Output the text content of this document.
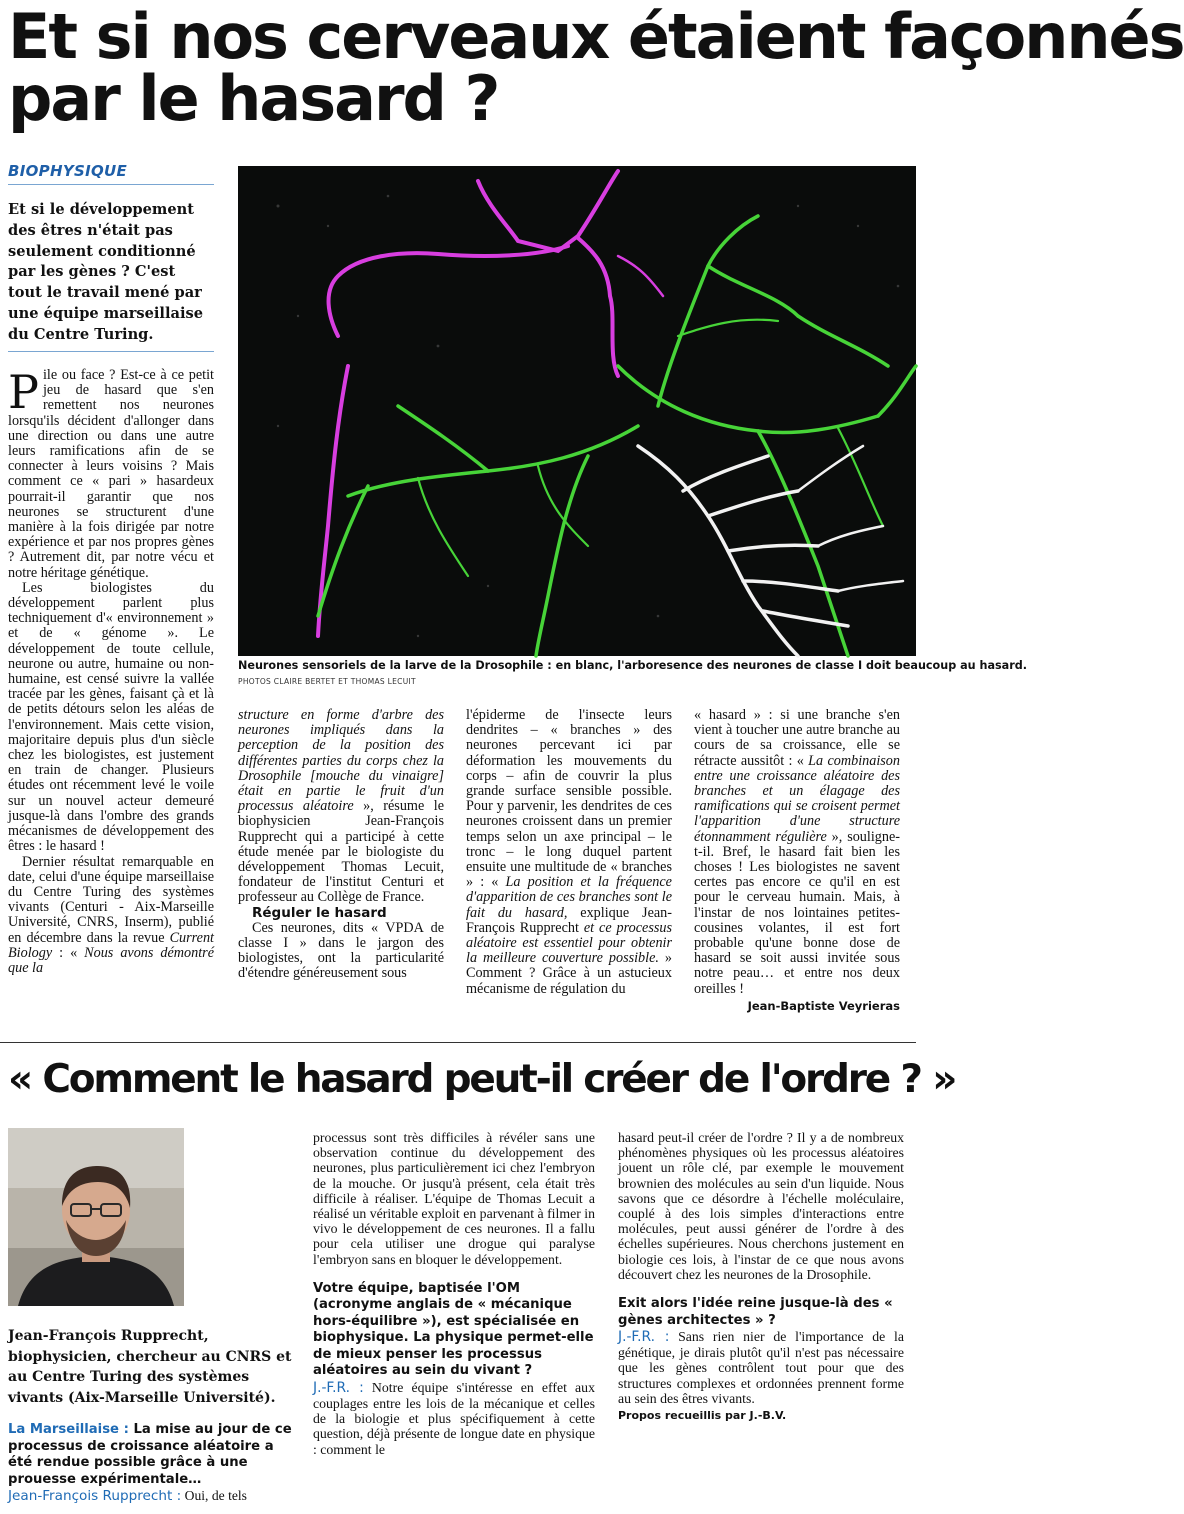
Et si nos cerveaux étaient façonnés
par le hasard ?
BIOPHYSIQUE
Et si le développement des êtres n'était pas seulement conditionné par les gènes ? C'est tout le travail mené par une équipe marseillaise du Centre Turing.

Pile ou face ? Est-ce à ce petit jeu de hasard que s'en remettent nos neurones lorsqu'ils décident d'allonger dans une direction ou dans une autre leurs ramifications afin de se connecter à leurs voisins ? Mais comment ce « pari » hasardeux pourrait-il garantir que nos neurones se structurent d'une manière à la fois dirigée par notre expérience et par nos propres gènes ? Autrement dit, par notre vécu et notre héritage génétique.

Les biologistes du développement parlent plus techniquement d'« environnement » et de « génome ». Le développement de toute cellule, neurone ou autre, humaine ou non-humaine, est censé suivre la vallée tracée par les gènes, faisant çà et là de petits détours selon les aléas de l'environnement. Mais cette vision, majoritaire depuis plus d'un siècle chez les biologistes, est justement en train de changer. Plusieurs études ont récemment levé le voile sur un nouvel acteur demeuré jusque-là dans l'ombre des grands mécanismes de développement des êtres : le hasard !

Dernier résultat remarquable en date, celui d'une équipe marseillaise du Centre Turing des systèmes vivants (Centuri - Aix-Marseille Université, CNRS, Inserm), publié en décembre dans la revue Current Biology : « Nous avons démontré que la

Neurones sensoriels de la larve de la Drosophile : en blanc, l'arboresence des neurones de classe I doit beaucoup au hasard.
PHOTOS CLAIRE BERTET ET THOMAS LECUIT

structure en forme d'arbre des neurones impliqués dans la perception de la position des différentes parties du corps chez la Drosophile [mouche du vinaigre] était en partie le fruit d'un processus aléatoire », résume le biophysicien Jean-François Rupprecht qui a participé à cette étude menée par le biologiste du développement Thomas Lecuit, fondateur de l'institut Centuri et professeur au Collège de France.

Réguler le hasard

Ces neurones, dits « VPDA de classe I » dans le jargon des biologistes, ont la particularité d'étendre généreusement sous

l'épiderme de l'insecte leurs dendrites – « branches » des neurones percevant ici par déformation les mouvements du corps – afin de couvrir la plus grande surface sensible possible. Pour y parvenir, les dendrites de ces neurones croissent dans un premier temps selon un axe principal – le tronc – le long duquel partent ensuite une multitude de « branches » : « La position et la fréquence d'apparition de ces branches sont le fait du hasard, explique Jean-François Rupprecht et ce processus aléatoire est essentiel pour obtenir la meilleure couverture possible. » Comment ? Grâce à un astucieux mécanisme de régulation du

« hasard » : si une branche s'en vient à toucher une autre branche au cours de sa croissance, elle se rétracte aussitôt : « La combinaison entre une croissance aléatoire des branches et un élagage des ramifications qui se croisent permet l'apparition d'une structure étonnamment régulière », souligne-t-il. Bref, le hasard fait bien les choses ! Les biologistes ne savent certes pas encore ce qu'il en est pour le cerveau humain. Mais, à l'instar de nos lointaines petites-cousines volantes, il est fort probable qu'une bonne dose de hasard se soit aussi invitée sous notre peau… et entre nos deux oreilles !

Jean-Baptiste Veyrieras
« Comment le hasard peut-il créer de l'ordre ? »
Jean-François Rupprecht, biophysicien, chercheur au CNRS et au Centre Turing des systèmes vivants (Aix-Marseille Université).

La Marseillaise : La mise au jour de ce processus de croissance aléatoire a été rendue possible grâce à une prouesse expérimentale…

Jean-François Rupprecht : Oui, de tels

processus sont très difficiles à révéler sans une observation continue du développement des neurones, plus particulièrement ici chez l'embryon de la mouche. Or jusqu'à présent, cela était très difficile à réaliser. L'équipe de Thomas Lecuit a réalisé un véritable exploit en parvenant à filmer in vivo le développement de ces neurones. Il a fallu pour cela utiliser une drogue qui paralyse l'embryon sans en bloquer le développement.

Votre équipe, baptisée l'OM (acronyme anglais de « mécanique hors-équilibre »), est spécialisée en biophysique. La physique permet-elle de mieux penser les processus aléatoires au sein du vivant ?

J.-F.R. : Notre équipe s'intéresse en effet aux couplages entre les lois de la mécanique et celles de la biologie et plus spécifiquement à cette question, déjà présente de longue date en physique : comment le

hasard peut-il créer de l'ordre ? Il y a de nombreux phénomènes physiques où les processus aléatoires jouent un rôle clé, par exemple le mouvement brownien des molécules au sein d'un liquide. Nous savons que ce désordre à l'échelle moléculaire, couplé à des lois simples d'interactions entre molécules, peut aussi générer de l'ordre à des échelles supérieures. Nous cherchons justement en biologie ces lois, à l'instar de ce que nous avons découvert chez les neurones de la Drosophile.

Exit alors l'idée reine jusque-là des « gènes architectes » ?

J.-F.R. : Sans rien nier de l'importance de la génétique, je dirais plutôt qu'il n'est pas nécessaire que les gènes contrôlent tout pour que des structures complexes et ordonnées prennent forme au sein des êtres vivants.

Propos recueillis par J.-B.V.
